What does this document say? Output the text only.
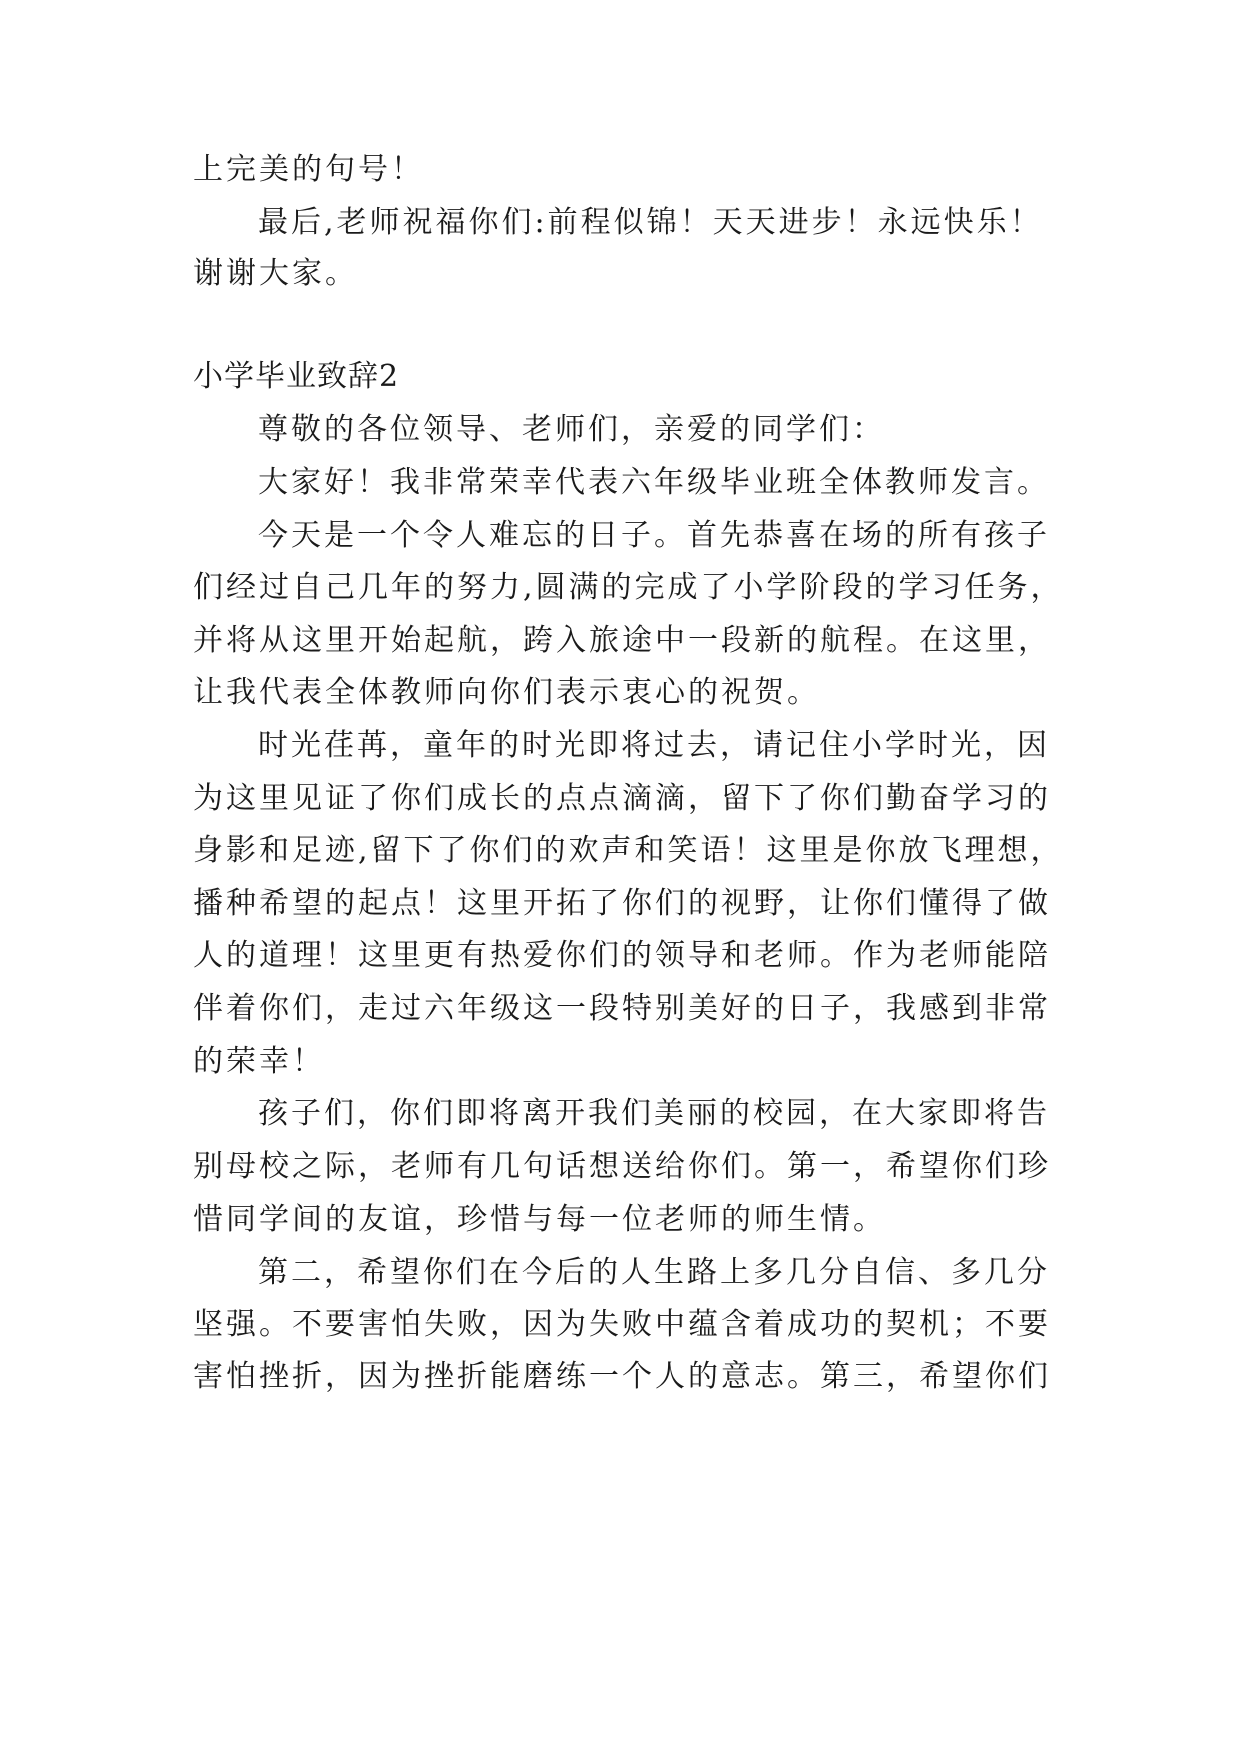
上完美的句号！
最后,老师祝福你们:前程似锦！天天进步！永远快乐！
谢谢大家。
小学毕业致辞2
尊敬的各位领导、老师们，亲爱的同学们：
大家好！我非常荣幸代表六年级毕业班全体教师发言。
今天是一个令人难忘的日子。首先恭喜在场的所有孩子
们经过自己几年的努力,圆满的完成了小学阶段的学习任务，
并将从这里开始起航，跨入旅途中一段新的航程。在这里，
让我代表全体教师向你们表示衷心的祝贺。
时光荏苒，童年的时光即将过去，请记住小学时光，因
为这里见证了你们成长的点点滴滴，留下了你们勤奋学习的
身影和足迹,留下了你们的欢声和笑语！这里是你放飞理想，
播种希望的起点！这里开拓了你们的视野，让你们懂得了做
人的道理！这里更有热爱你们的领导和老师。作为老师能陪
伴着你们，走过六年级这一段特别美好的日子，我感到非常
的荣幸！
孩子们，你们即将离开我们美丽的校园，在大家即将告
别母校之际，老师有几句话想送给你们。第一，希望你们珍
惜同学间的友谊，珍惜与每一位老师的师生情。
第二，希望你们在今后的人生路上多几分自信、多几分
坚强。不要害怕失败，因为失败中蕴含着成功的契机；不要
害怕挫折，因为挫折能磨练一个人的意志。第三，希望你们
